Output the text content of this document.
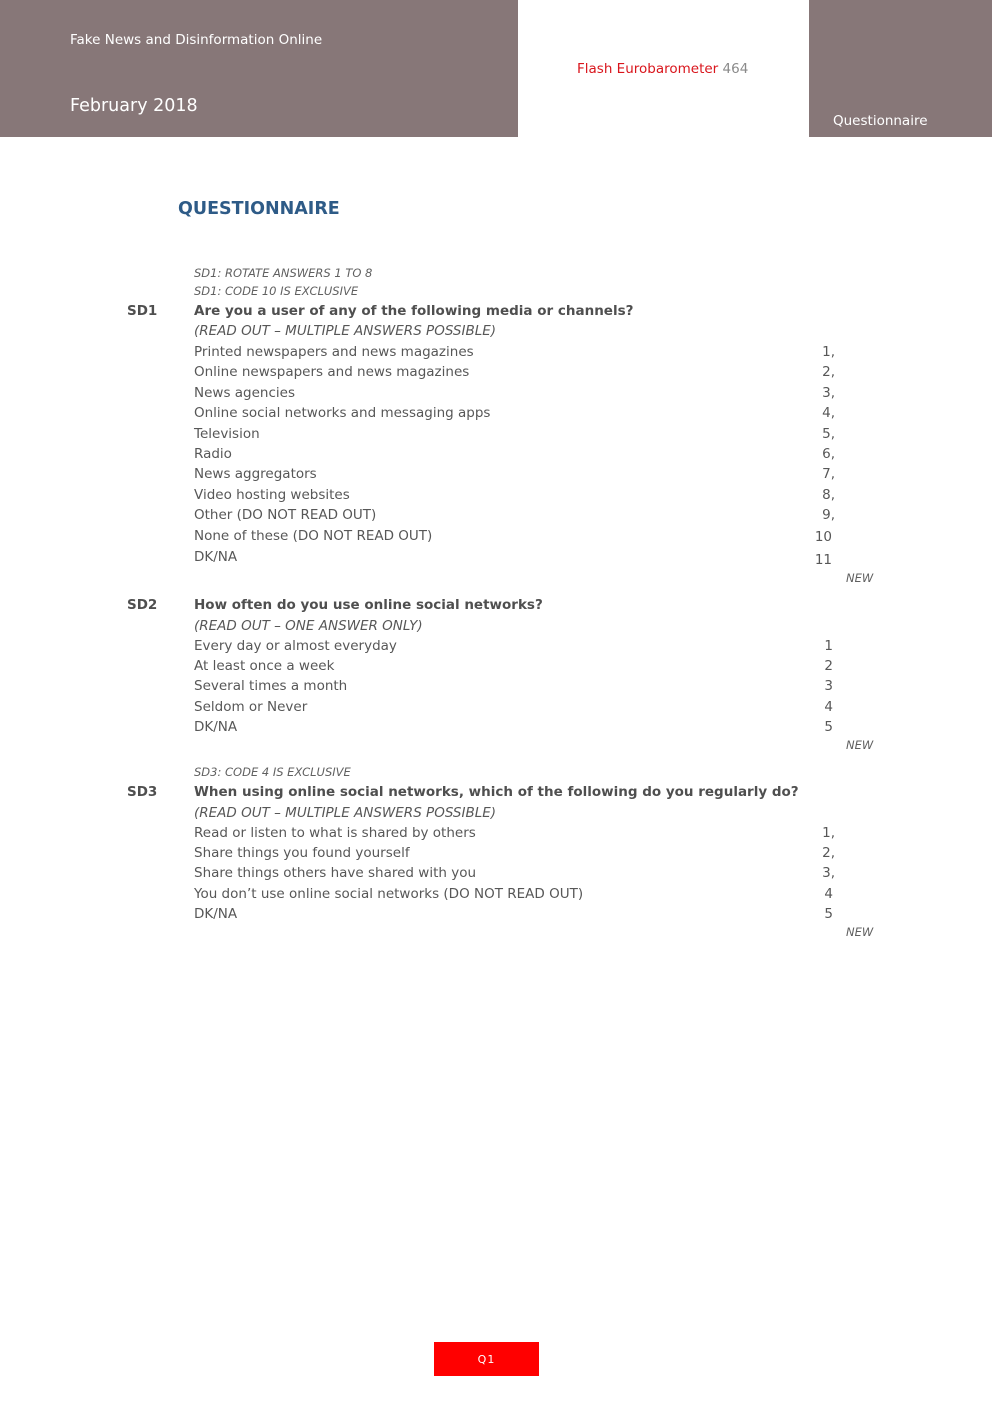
Fake News and Disinformation Online
February 2018
Flash Eurobarometer 464
Questionnaire
QUESTIONNAIRE
SD1: ROTATE ANSWERS 1 TO 8
SD1: CODE 10 IS EXCLUSIVE
SD1	Are you a user of any of the following media or channels?
(READ OUT – MULTIPLE ANSWERS POSSIBLE)
Printed newspapers and news magazines	1,
Online newspapers and news magazines	2,
News agencies	3,
Online social networks and messaging apps	4,
Television	5,
Radio	6,
News aggregators	7,
Video hosting websites	8,
Other (DO NOT READ OUT)	9,
None of these (DO NOT READ OUT)	10
DK/NA	11
NEW
SD2	How often do you use online social networks?
(READ OUT – ONE ANSWER ONLY)
Every day or almost everyday	1
At least once a week	2
Several times a month	3
Seldom or Never	4
DK/NA	5
NEW
SD3: CODE 4 IS EXCLUSIVE
SD3	When using online social networks, which of the following do you regularly do?
(READ OUT – MULTIPLE ANSWERS POSSIBLE)
Read or listen to what is shared by others	1,
Share things you found yourself	2,
Share things others have shared with you	3,
You don’t use online social networks (DO NOT READ OUT)	4
DK/NA	5
NEW
Q1
